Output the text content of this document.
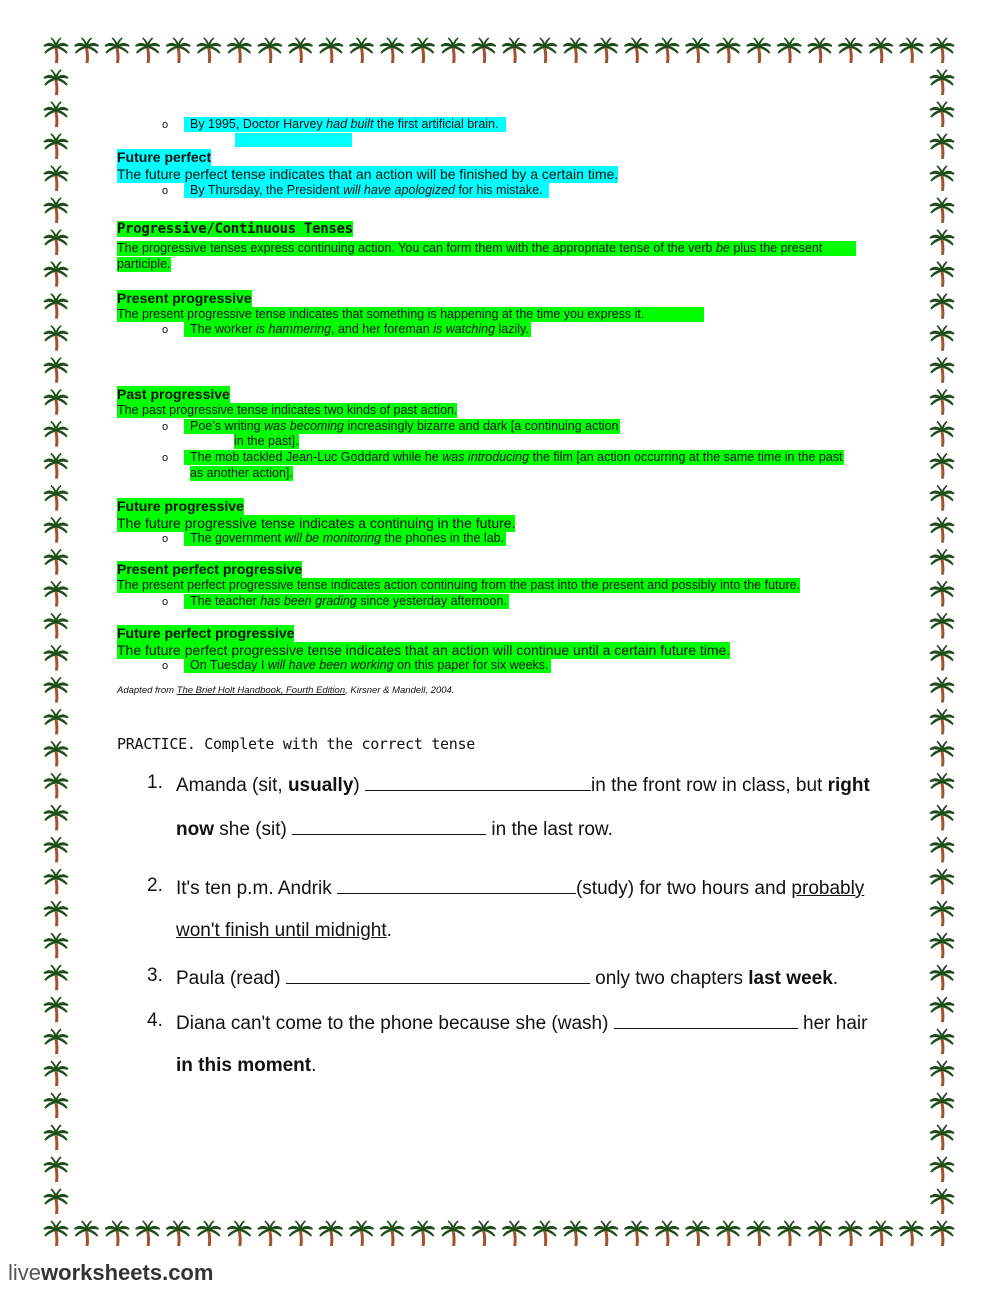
o	By 1995, Doctor Harvey had built the first artificial brain.
Future perfect
The future perfect tense indicates that an action will be finished by a certain time.
o	By Thursday, the President will have apologized for his mistake.
Progressive/Continuous Tenses
The progressive tenses express continuing action. You can form them with the appropriate tense of the verb be plus the present
participle.
Present progressive
The present progressive tense indicates that something is happening at the time you express it.
o	The worker is hammering, and her foreman is watching lazily.
Past progressive
The past progressive tense indicates two kinds of past action.
o	Poe’s writing was becoming increasingly bizarre and dark [a continuing action
in the past].
o	The mob tackled Jean-Luc Goddard while he was introducing the film [an action occurring at the same time in the past
as another action].
Future progressive
The future progressive tense indicates a continuing in the future.
o	The government will be monitoring the phones in the lab.
Present perfect progressive
The present perfect progressive tense indicates action continuing from the past into the present and possibly into the future.
o	The teacher has been grading since yesterday afternoon.
Future perfect progressive
The future perfect progressive tense indicates that an action will continue until a certain future time.
o	On Tuesday I will have been working on this paper for six weeks.
Adapted from The Brief Holt Handbook, Fourth Edition, Kirsner & Mandell, 2004.
PRACTICE. Complete with the correct tense
1. Amanda (sit, usually)	in the front row in class, but right
now she (sit)	in the last row.
2. It's ten p.m. Andrik	(study) for two hours and probably
won't finish until midnight.
3. Paula (read)	only two chapters last week.
4. Diana can't come to the phone because she (wash)	her hair
in this moment.
liveworksheets.com
